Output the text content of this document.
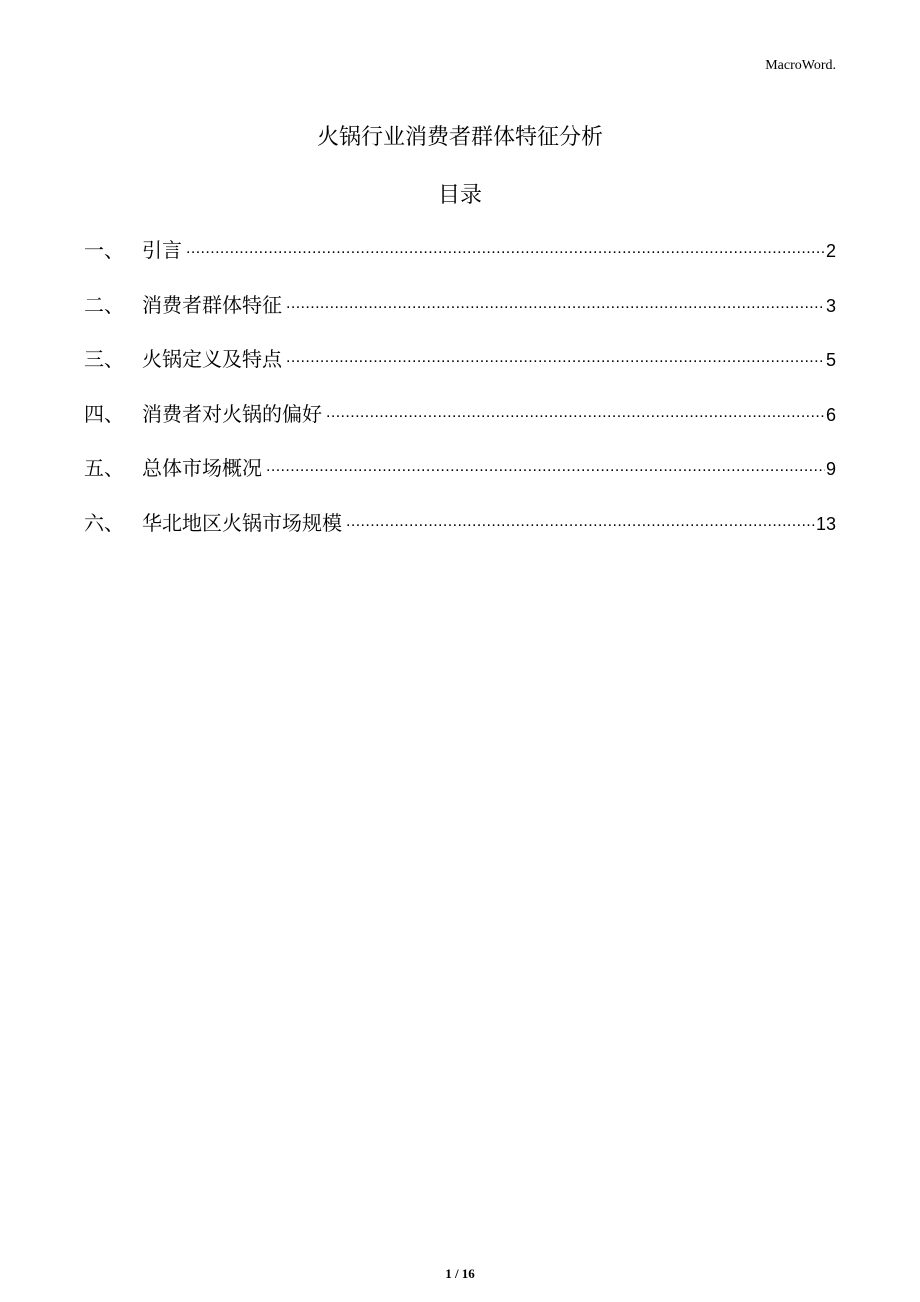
MacroWord.
火锅行业消费者群体特征分析
目录
一、 引言 .....	2
二、 消费者群体特征 .....	3
三、 火锅定义及特点 .....	5
四、 消费者对火锅的偏好 .....	6
五、 总体市场概况 .....	9
六、 华北地区火锅市场规模 .....	13
1 / 16
